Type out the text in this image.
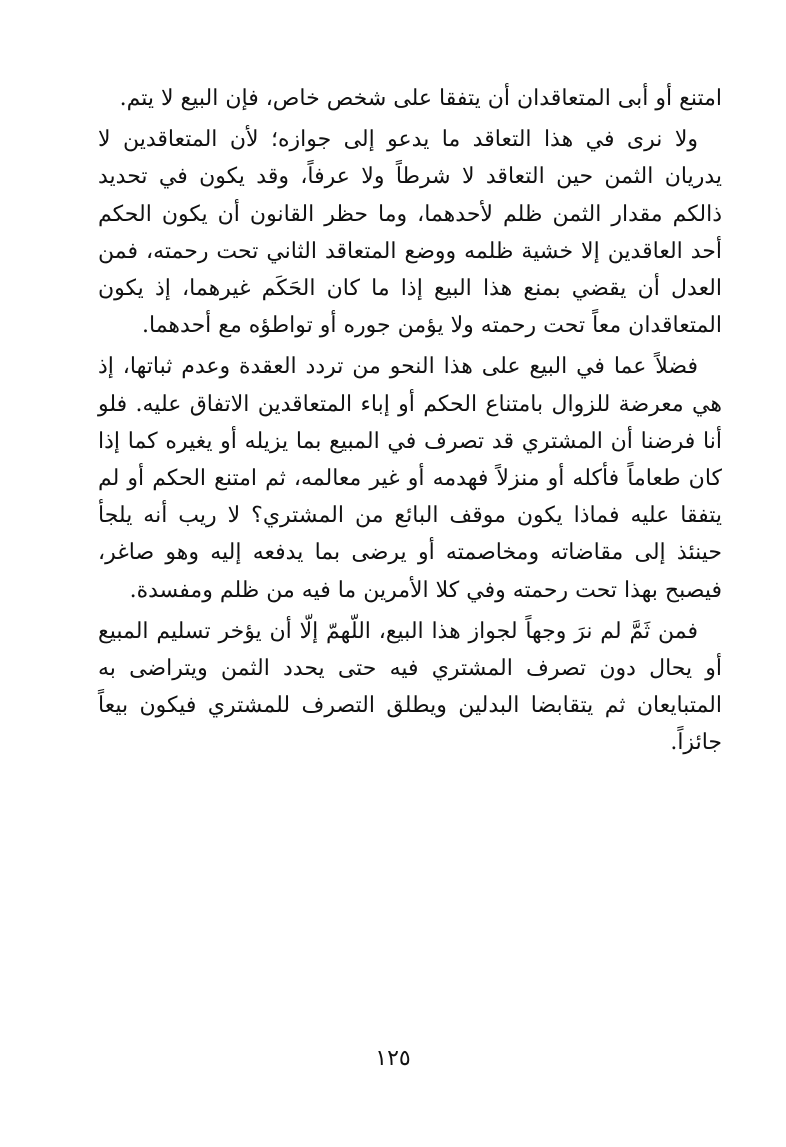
امتنع أو أبى المتعاقدان أن يتفقا على شخص خاص، فإن البيع لا يتم.

ولا نرى في هذا التعاقد ما يدعو إلى جوازه؛ لأن المتعاقدين لا يدريان الثمن حين التعاقد لا شرطاً ولا عرفاً، وقد يكون في تحديد ذالكم مقدار الثمن ظلم لأحدهما، وما حظر القانون أن يكون الحكم أحد العاقدين إلا خشية ظلمه ووضع المتعاقد الثاني تحت رحمته، فمن العدل أن يقضي بمنع هذا البيع إذا ما كان الحَكَم غيرهما، إذ يكون المتعاقدان معاً تحت رحمته ولا يؤمن جوره أو تواطؤه مع أحدهما.

فضلاً عما في البيع على هذا النحو من تردد العقدة وعدم ثباتها، إذ هي معرضة للزوال بامتناع الحكم أو إباء المتعاقدين الاتفاق عليه. فلو أنا فرضنا أن المشتري قد تصرف في المبيع بما يزيله أو يغيره كما إذا كان طعاماً فأكله أو منزلاً فهدمه أو غير معالمه، ثم امتنع الحكم أو لم يتفقا عليه فماذا يكون موقف البائع من المشتري؟ لا ريب أنه يلجأ حينئذ إلى مقاضاته ومخاصمته أو يرضى بما يدفعه إليه وهو صاغر، فيصبح بهذا تحت رحمته وفي كلا الأمرين ما فيه من ظلم ومفسدة.

فمن ثَمَّ لم نرَ وجهاً لجواز هذا البيع، اللّهمّ إلّا أن يؤخر تسليم المبيع أو يحال دون تصرف المشتري فيه حتى يحدد الثمن ويتراضى به المتبايعان ثم يتقابضا البدلين ويطلق التصرف للمشتري فيكون بيعاً جائزاً.

١٢٥
